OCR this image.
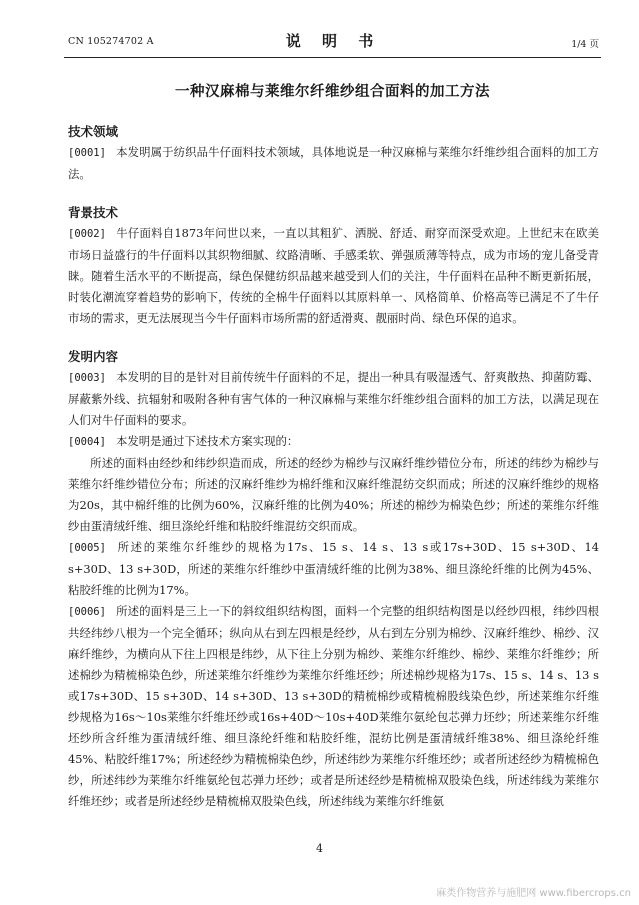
CN 105274702 A	说 明 书	1/4 页
一种汉麻棉与莱维尔纤维纱组合面料的加工方法
技术领域

[0001] 本发明属于纺织品牛仔面料技术领域，具体地说是一种汉麻棉与莱维尔纤维纱组合面料的加工方法。

背景技术

[0002] 牛仔面料自1873年问世以来，一直以其粗犷、洒脱、舒适、耐穿而深受欢迎。上世纪末在欧美市场日益盛行的牛仔面料以其织物细腻、纹路清晰、手感柔软、弹强质薄等特点，成为市场的宠儿备受青睐。随着生活水平的不断提高，绿色保健纺织品越来越受到人们的关注，牛仔面料在品种不断更新拓展，时装化潮流穿着趋势的影响下，传统的全棉牛仔面料以其原料单一、风格简单、价格高等已满足不了牛仔市场的需求，更无法展现当今牛仔面料市场所需的舒适滑爽、靓丽时尚、绿色环保的追求。

发明内容

[0003] 本发明的目的是针对目前传统牛仔面料的不足，提出一种具有吸湿透气、舒爽散热、抑菌防霉、屏蔽紫外线、抗辐射和吸附各种有害气体的一种汉麻棉与莱维尔纤维纱组合面料的加工方法，以满足现在人们对牛仔面料的要求。

[0004] 本发明是通过下述技术方案实现的：

所述的面料由经纱和纬纱织造而成，所述的经纱为棉纱与汉麻纤维纱错位分布，所述的纬纱为棉纱与莱维尔纤维纱错位分布；所述的汉麻纤维纱为棉纤维和汉麻纤维混纺交织而成；所述的汉麻纤维纱的规格为20s，其中棉纤维的比例为60%，汉麻纤维的比例为40%；所述的棉纱为棉染色纱；所述的莱维尔纤维纱由蛋清绒纤维、细旦涤纶纤维和粘胶纤维混纺交织而成。

[0005] 所述的莱维尔纤维纱的规格为17s、15 s、14 s、13 s或17s+30D、15 s+30D、14 s+30D、13 s+30D，所述的莱维尔纤维纱中蛋清绒纤维的比例为38%、细旦涤纶纤维的比例为45%、粘胶纤维的比例为17%。

[0006] 所述的面料是三上一下的斜纹组织结构图，面料一个完整的组织结构图是以经纱四根，纬纱四根共经纬纱八根为一个完全循环；纵向从右到左四根是经纱，从右到左分别为棉纱、汉麻纤维纱、棉纱、汉麻纤维纱，为横向从下往上四根是纬纱，从下往上分别为棉纱、莱维尔纤维纱、棉纱、莱维尔纤维纱；所述棉纱为精梳棉染色纱，所述莱维尔纤维纱为莱维尔纤维坯纱；所述棉纱规格为17s、15 s、14 s、13 s或17s+30D、15 s+30D、14 s+30D、13 s+30D的精梳棉纱或精梳棉股线染色纱，所述莱维尔纤维纱规格为16s～10s莱维尔纤维坯纱或16s+40D～10s+40D莱维尔氨纶包芯弹力坯纱；所述莱维尔纤维坯纱所含纤维为蛋清绒纤维、细旦涤纶纤维和粘胶纤维，混纺比例是蛋清绒纤维38%、细旦涤纶纤维45%、粘胶纤维17%；所述经纱为精梳棉染色纱，所述纬纱为莱维尔纤维坯纱；或者所述经纱为精梳棉色纱，所述纬纱为莱维尔纤维氨纶包芯弹力坯纱；或者是所述经纱是精梳棉双股染色线，所述纬线为莱维尔纤维坯纱；或者是所述经纱是精梳棉双股染色线，所述纬线为莱维尔纤维氨

4
麻类作物营养与施肥网 www.fibercrops.cn
